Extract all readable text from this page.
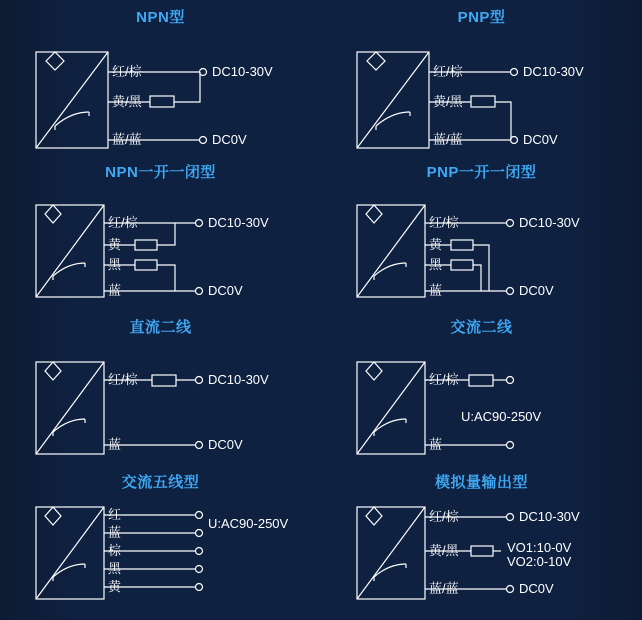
NPN型
红/棕
黄/黑
蓝/蓝
DC10-30V
DC0V
PNP型
红/棕
黄/黑
蓝/蓝
DC10-30V
DC0V
NPN一开一闭型
红/棕
黄
黑
蓝
DC10-30V
DC0V
PNP一开一闭型
红/棕
黄
黑
蓝
DC10-30V
DC0V
直流二线
红/棕
蓝
DC10-30V
DC0V
交流二线
红/棕
蓝
U:AC90-250V
交流五线型
红
蓝
棕
黑
黄
U:AC90-250V
模拟量输出型
红/棕
黄/黑
蓝/蓝
DC10-30V
VO1:10-0V
VO2:0-10V
DC0V
